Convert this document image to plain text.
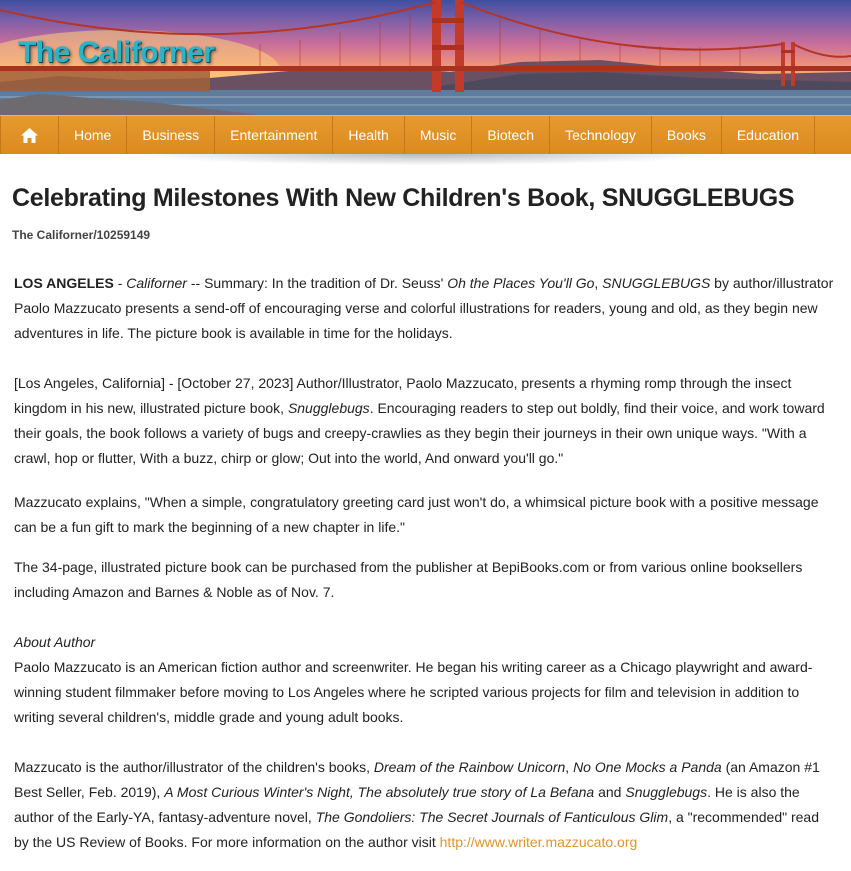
The Californer
Home	Business	Entertainment	Health	Music	Biotech	Technology	Books	Education
Celebrating Milestones With New Children's Book, SNUGGLEBUGS
The Californer/10259149

LOS ANGELES - Californer -- Summary: In the tradition of Dr. Seuss' Oh the Places You'll Go, SNUGGLEBUGS by author/illustrator Paolo Mazzucato presents a send-off of encouraging verse and colorful illustrations for readers, young and old, as they begin new adventures in life. The picture book is available in time for the holidays.

[Los Angeles, California] - [October 27, 2023] Author/Illustrator, Paolo Mazzucato, presents a rhyming romp through the insect kingdom in his new, illustrated picture book, Snugglebugs. Encouraging readers to step out boldly, find their voice, and work toward their goals, the book follows a variety of bugs and creepy-crawlies as they begin their journeys in their own unique ways. "With a crawl, hop or flutter, With a buzz, chirp or glow; Out into the world, And onward you'll go."

Mazzucato explains, "When a simple, congratulatory greeting card just won't do, a whimsical picture book with a positive message can be a fun gift to mark the beginning of a new chapter in life."

The 34-page, illustrated picture book can be purchased from the publisher at BepiBooks.com or from various online booksellers including Amazon and Barnes & Noble as of Nov. 7.

About Author
Paolo Mazzucato is an American fiction author and screenwriter. He began his writing career as a Chicago playwright and award-winning student filmmaker before moving to Los Angeles where he scripted various projects for film and television in addition to writing several children's, middle grade and young adult books.

Mazzucato is the author/illustrator of the children's books, Dream of the Rainbow Unicorn, No One Mocks a Panda (an Amazon #1 Best Seller, Feb. 2019), A Most Curious Winter's Night, The absolutely true story of La Befana and Snugglebugs. He is also the author of the Early-YA, fantasy-adventure novel, The Gondoliers: The Secret Journals of Fanticulous Glim, a "recommended" read by the US Review of Books. For more information on the author visit http://www.writer.mazzucato.org
